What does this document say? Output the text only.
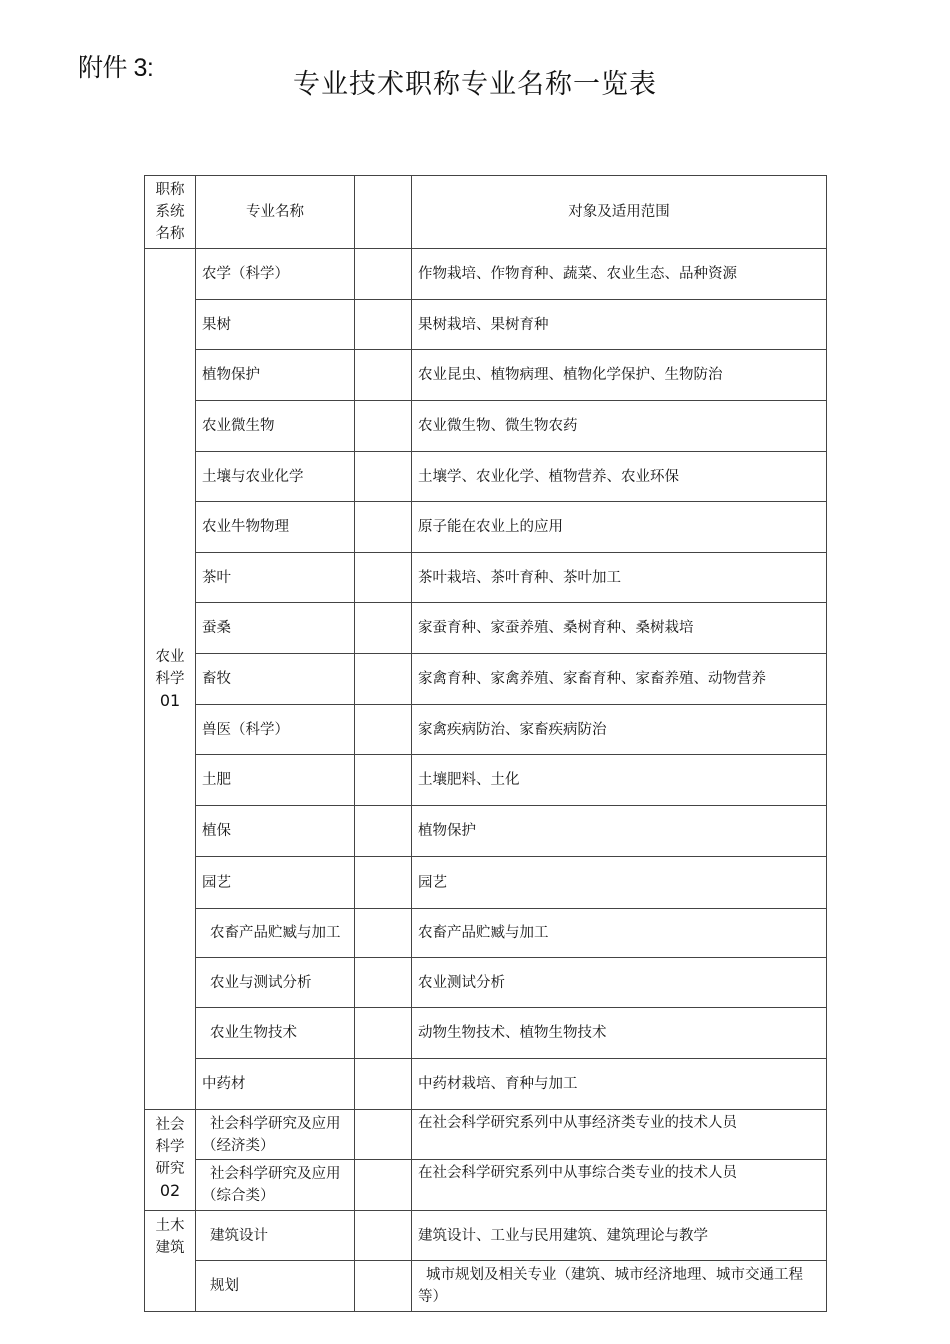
附件 3:
专业技术职称专业名称一览表
职称
系统
名称	专业名称		对象及适用范围
农业
科学
01	农学（科学）		作物栽培、作物育种、蔬菜、农业生态、品种资源
	果树		果树栽培、果树育种
	植物保护		农业昆虫、植物病理、植物化学保护、生物防治
	农业微生物		农业微生物、微生物农药
	土壤与农业化学		土壤学、农业化学、植物营养、农业环保
	农业牛物物理		原子能在农业上的应用
	茶叶		茶叶栽培、茶叶育种、茶叶加工
	蚕桑		家蚕育种、家蚕养殖、桑树育种、桑树栽培
	畜牧		家禽育种、家禽养殖、家畜育种、家畜养殖、动物营养
	兽医（科学）		家禽疾病防治、家畜疾病防治
	土肥		土壤肥料、土化
	植保		植物保护
	园艺		园艺
	农畜产品贮臧与加工		农畜产品贮臧与加工
	农业与测试分析		农业测试分析
	农业生物技术		动物生物技术、植物生物技术
	中药材		中药材栽培、育种与加工
社会
科学
研究
02	社会科学研究及应用（经济类）		在社会科学研究系列中从事经济类专业的技术人员
	社会科学研究及应用（综合类）		在社会科学研究系列中从事综合类专业的技术人员
土木
建筑	建筑设计		建筑设计、工业与民用建筑、建筑理论与教学
	规划		城市规划及相关专业（建筑、城市经济地理、城市交通工程等）
